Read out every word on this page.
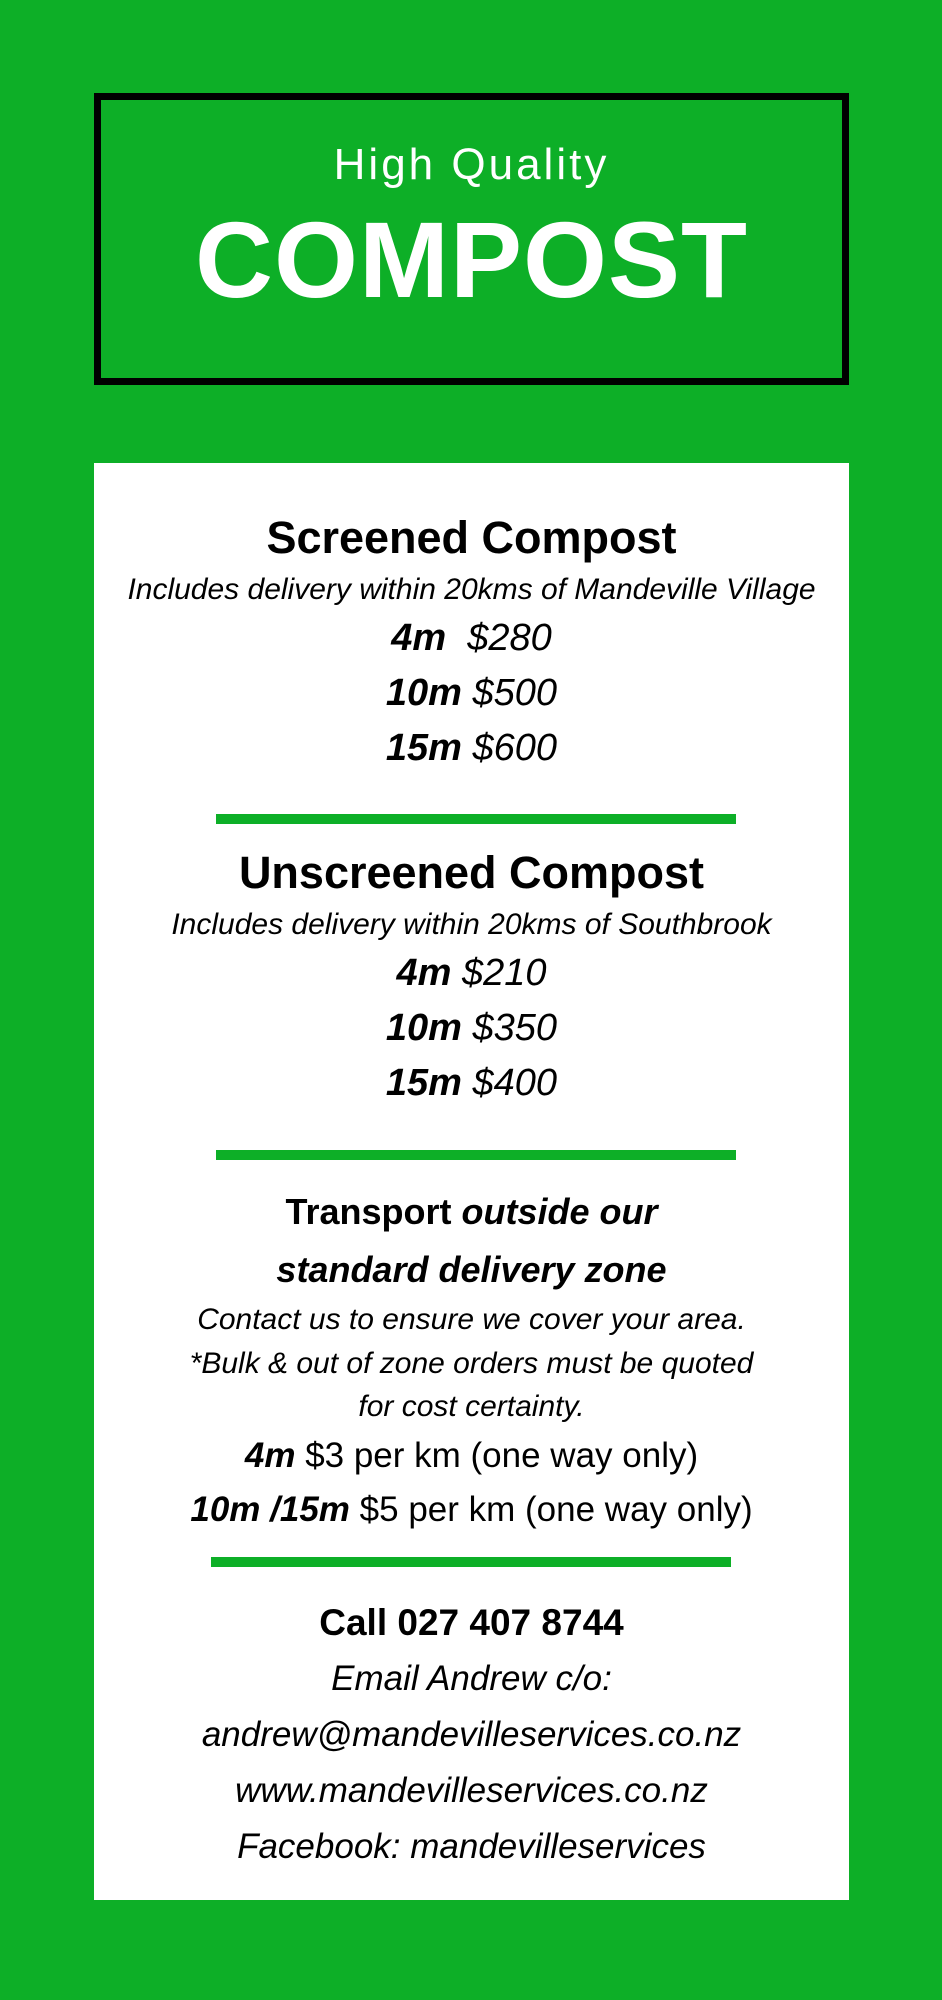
High Quality
COMPOST
Screened Compost
Includes delivery within 20kms of Mandeville Village
4m $280
10m $500
15m $600
Unscreened Compost
Includes delivery within 20kms of Southbrook
4m $210
10m $350
15m $400
Transport outside our
standard delivery zone
Contact us to ensure we cover your area.
*Bulk & out of zone orders must be quoted
for cost certainty.
4m $3 per km (one way only)
10m /15m $5 per km (one way only)
Call 027 407 8744
Email Andrew c/o:
andrew@mandevilleservices.co.nz
www.mandevilleservices.co.nz
Facebook: mandevilleservices
